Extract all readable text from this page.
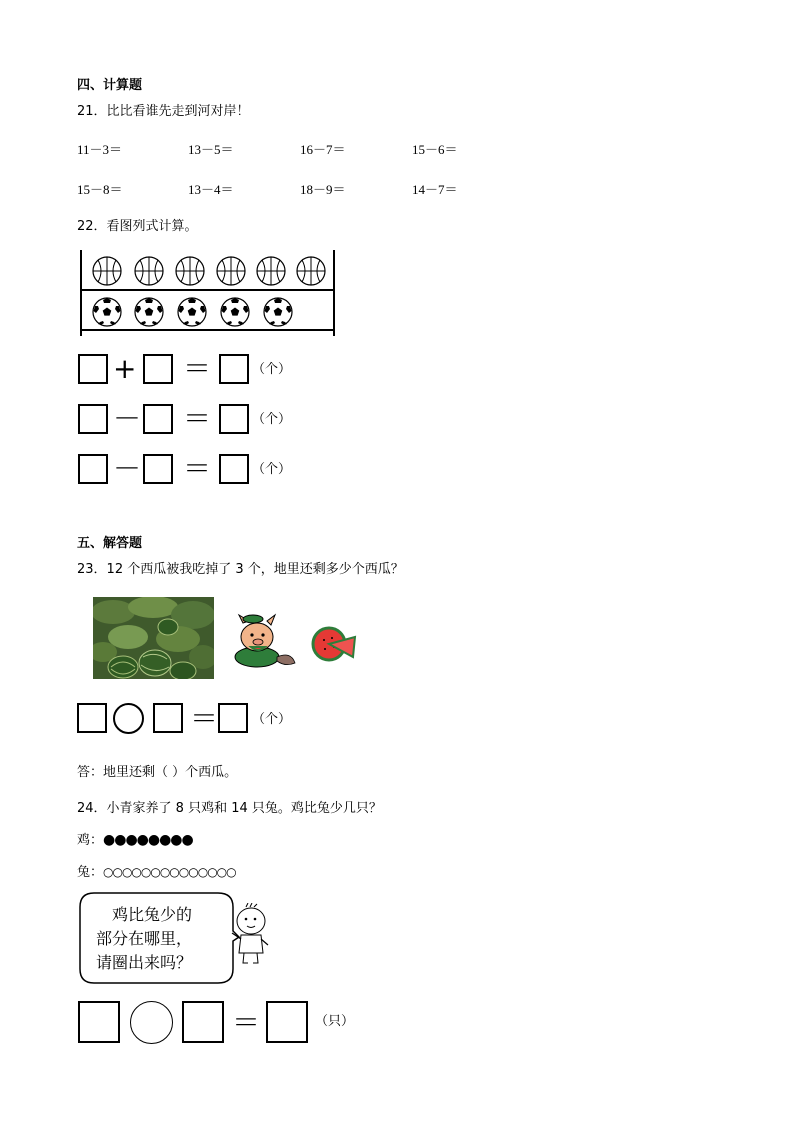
四、计算题
21．比比看谁先走到河对岸！
11－3＝	13－5＝	16－7＝	15－6＝
15－8＝	13－4＝	18－9＝	14－7＝
22．看图列式计算。
+ ＝	（个）
－ ＝	（个）
－ ＝	（个）
五、解答题
23．12 个西瓜被我吃掉了 3 个，地里还剩多少个西瓜？
＝	（个）
答：地里还剩（ ）个西瓜。
24．小青家养了 8 只鸡和 14 只兔。鸡比兔少几只？
鸡：●●●●●●●●
兔：○○○○○○○○○○○○○○
鸡比兔少的
部分在哪里，
请圈出来吗？
＝	（只）
